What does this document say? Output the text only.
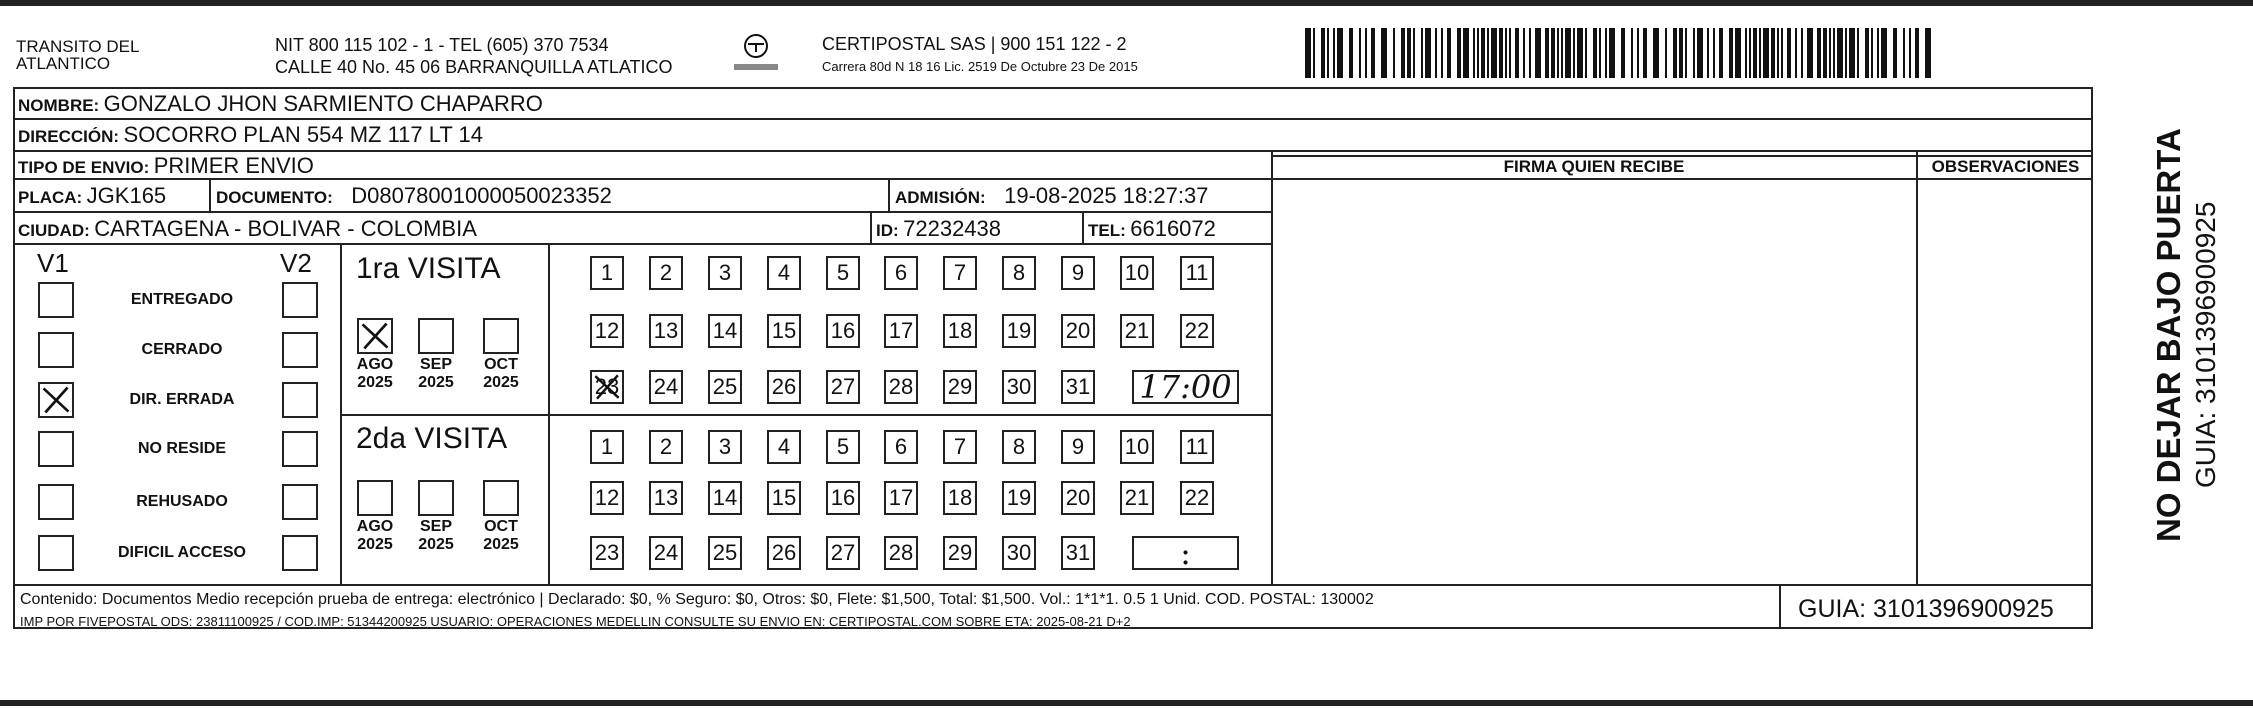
TRANSITO DEL
ATLANTICO
NIT 800 115 102 - 1 - TEL (605) 370 7534
CALLE 40 No. 45 06 BARRANQUILLA ATLATICO
CERTIPOSTAL SAS | 900 151 122 - 2
Carrera 80d N 18 16 Lic. 2519 De Octubre 23 De 2015
NOMBRE: GONZALO JHON SARMIENTO CHAPARRO
DIRECCIÓN: SOCORRO PLAN 554 MZ 117 LT 14
TIPO DE ENVIO: PRIMER ENVIO
PLACA: JGK165	DOCUMENTO: D08078001000050023352	ADMISIÓN: 19-08-2025 18:27:37
CIUDAD: CARTAGENA - BOLIVAR - COLOMBIA	ID: 72232438	TEL: 6616072
FIRMA QUIEN RECIBE	OBSERVACIONES
V1	V2
ENTREGADO
CERRADO
DIR. ERRADA
NO RESIDE
REHUSADO
DIFICIL ACCESO
1ra VISITA
2da VISITA
AGO
2025
SEP
2025
OCT
2025
AGO
2025
SEP
2025
OCT
2025
1	2	3	4	5	6	7	8	9	10 11
12 13 14 15 16 17 18 19 20 21 22
23 24 25 26 27 28 29 30 31 17:00
1	2	3	4	5	6	7	8	9	10 11
12 13 14 15 16 17 18 19 20 21 22
23 24 25 26 27 28 29 30 31	:
Contenido: Documentos Medio recepción prueba de entrega: electrónico | Declarado: $0, % Seguro: $0, Otros: $0, Flete: $1,500, Total: $1,500. Vol.: 1*1*1. 0.5 1 Unid. COD. POSTAL: 130002
IMP POR FIVEPOSTAL ODS: 23811100925 / COD.IMP: 51344200925 USUARIO: OPERACIONES MEDELLIN CONSULTE SU ENVIO EN: CERTIPOSTAL.COM SOBRE ETA: 2025-08-21 D+2	GUIA: 3101396900925
NO DEJAR BAJO PUERTA GUIA: 3101396900925
